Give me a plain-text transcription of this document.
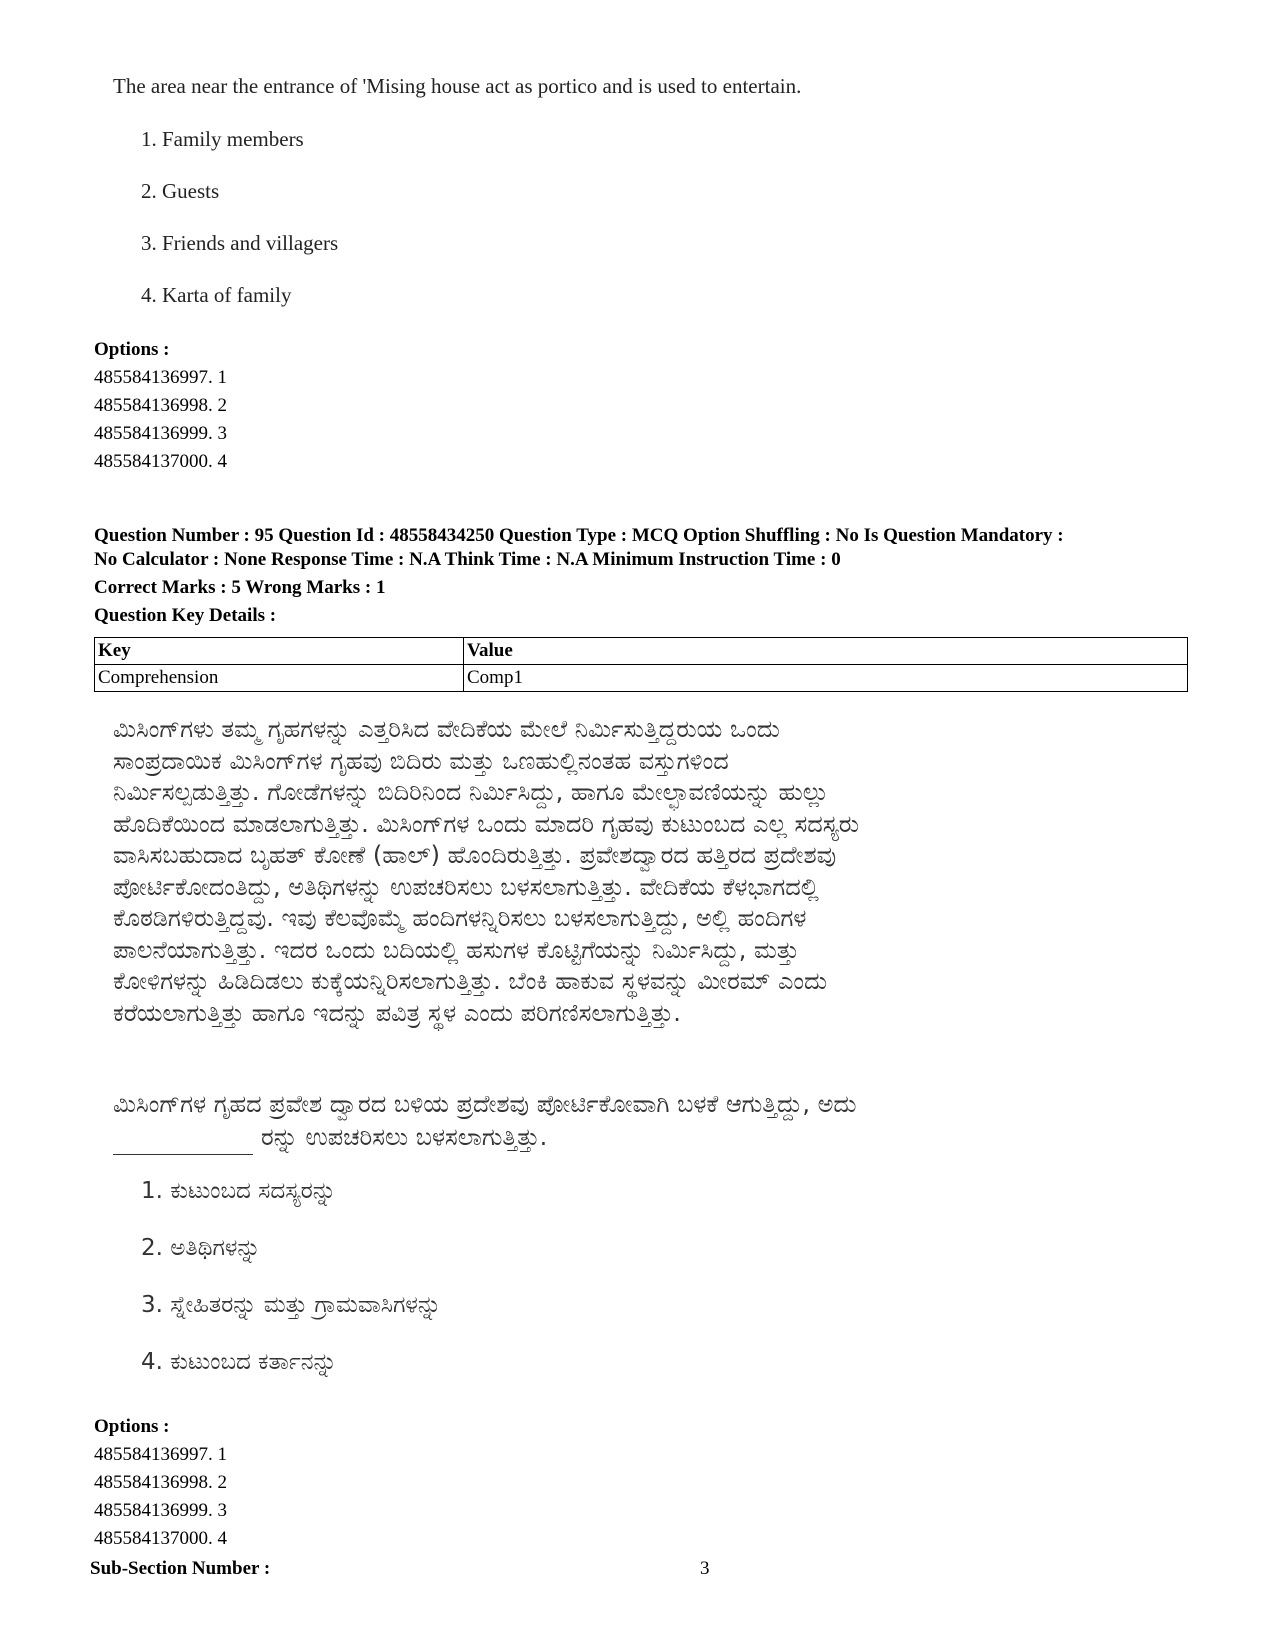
The area near the entrance of 'Mising house act as portico and is used to entertain.
1. Family members
2. Guests
3. Friends and villagers
4. Karta of family
Options :
485584136997. 1
485584136998. 2
485584136999. 3
485584137000. 4
Question Number : 95 Question Id : 48558434250 Question Type : MCQ Option Shuffling : No Is Question Mandatory :
No Calculator : None Response Time : N.A Think Time : N.A Minimum Instruction Time : 0
Correct Marks : 5 Wrong Marks : 1
Question Key Details :
Key	Value
Comprehension	Comp1
ಮಿಸಿಂಗ್‌ಗಳು ತಮ್ಮ ಗೃಹಗಳನ್ನು ಎತ್ತರಿಸಿದ ವೇದಿಕೆಯ ಮೇಲೆ ನಿರ್ಮಿಸುತ್ತಿದ್ದರುಯ ಒಂದು
ಸಾಂಪ್ರದಾಯಿಕ ಮಿಸಿಂಗ್‌ಗಳ ಗೃಹವು ಬಿದಿರು ಮತ್ತು ಒಣಹುಲ್ಲಿನಂತಹ ವಸ್ತುಗಳಿಂದ
ನಿರ್ಮಿಸಲ್ಪಡುತ್ತಿತ್ತು. ಗೋಡೆಗಳನ್ನು ಬಿದಿರಿನಿಂದ ನಿರ್ಮಿಸಿದ್ದು, ಹಾಗೂ ಮೇಲ್ಛಾವಣಿಯನ್ನು ಹುಲ್ಲು
ಹೊದಿಕೆಯಿಂದ ಮಾಡಲಾಗುತ್ತಿತ್ತು. ಮಿಸಿಂಗ್‌ಗಳ ಒಂದು ಮಾದರಿ ಗೃಹವು ಕುಟುಂಬದ ಎಲ್ಲ ಸದಸ್ಯರು
ವಾಸಿಸಬಹುದಾದ ಬೃಹತ್ ಕೋಣೆ (ಹಾಲ್) ಹೊಂದಿರುತ್ತಿತ್ತು. ಪ್ರವೇಶದ್ವಾರದ ಹತ್ತಿರದ ಪ್ರದೇಶವು
ಪೋರ್ಟಿಕೋದಂತಿದ್ದು, ಅತಿಥಿಗಳನ್ನು ಉಪಚರಿಸಲು ಬಳಸಲಾಗುತ್ತಿತ್ತು. ವೇದಿಕೆಯ ಕೆಳಭಾಗದಲ್ಲಿ
ಕೊಠಡಿಗಳಿರುತ್ತಿದ್ದವು. ಇವು ಕೆಲವೊಮ್ಮೆ ಹಂದಿಗಳನ್ನಿರಿಸಲು ಬಳಸಲಾಗುತ್ತಿದ್ದು, ಅಲ್ಲಿ ಹಂದಿಗಳ
ಪಾಲನೆಯಾಗುತ್ತಿತ್ತು. ಇದರ ಒಂದು ಬದಿಯಲ್ಲಿ ಹಸುಗಳ ಕೊಟ್ಟಿಗೆಯನ್ನು ನಿರ್ಮಿಸಿದ್ದು, ಮತ್ತು
ಕೋಳಿಗಳನ್ನು ಹಿಡಿದಿಡಲು ಕುಕ್ಕೆಯನ್ನಿರಿಸಲಾಗುತ್ತಿತ್ತು. ಬೆಂಕಿ ಹಾಕುವ ಸ್ಥಳವನ್ನು ಮೀರಮ್ ಎಂದು
ಕರೆಯಲಾಗುತ್ತಿತ್ತು ಹಾಗೂ ಇದನ್ನು ಪವಿತ್ರ ಸ್ಥಳ ಎಂದು ಪರಿಗಣಿಸಲಾಗುತ್ತಿತ್ತು.
ಮಿಸಿಂಗ್‌ಗಳ ಗೃಹದ ಪ್ರವೇಶ ದ್ವಾರದ ಬಳಿಯ ಪ್ರದೇಶವು ಪೋರ್ಟಿಕೋವಾಗಿ ಬಳಕೆ ಆಗುತ್ತಿದ್ದು, ಅದು
ರನ್ನು ಉಪಚರಿಸಲು ಬಳಸಲಾಗುತ್ತಿತ್ತು.
1. ಕುಟುಂಬದ ಸದಸ್ಯರನ್ನು
2. ಅತಿಥಿಗಳನ್ನು
3. ಸ್ನೇಹಿತರನ್ನು ಮತ್ತು ಗ್ರಾಮವಾಸಿಗಳನ್ನು
4. ಕುಟುಂಬದ ಕರ್ತಾನನ್ನು
Options :
485584136997. 1
485584136998. 2
485584136999. 3
485584137000. 4
Sub-Section Number :	3
